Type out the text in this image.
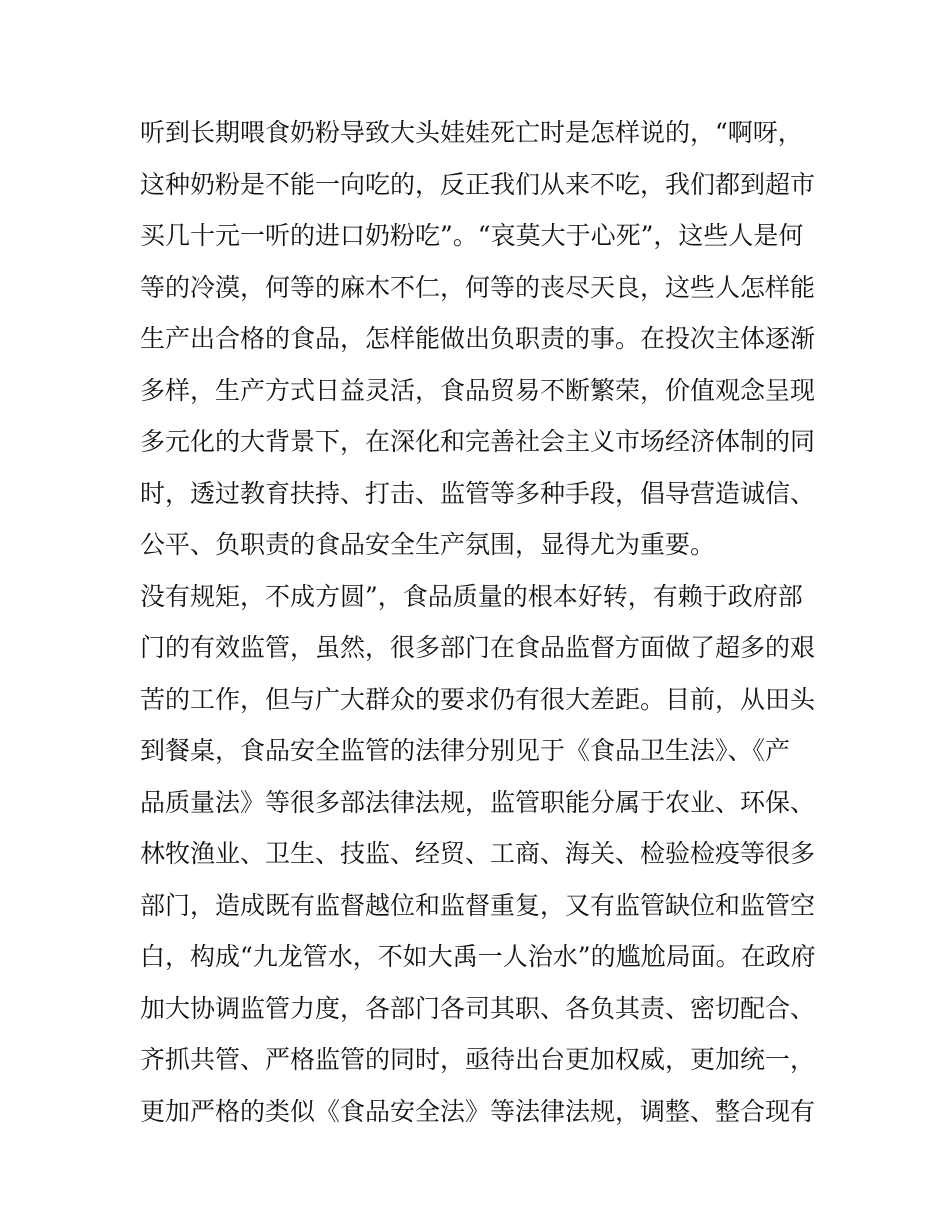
听到长期喂食奶粉导致大头娃娃死亡时是怎样说的，“啊呀，
这种奶粉是不能一向吃的，反正我们从来不吃，我们都到超市
买几十元一听的进口奶粉吃”。“哀莫大于心死”，这些人是何
等的冷漠，何等的麻木不仁，何等的丧尽天良，这些人怎样能
生产出合格的食品，怎样能做出负职责的事。在投次主体逐渐
多样，生产方式日益灵活，食品贸易不断繁荣，价值观念呈现
多元化的大背景下，在深化和完善社会主义市场经济体制的同
时，透过教育扶持、打击、监管等多种手段，倡导营造诚信、
公平、负职责的食品安全生产氛围，显得尤为重要。
没有规矩，不成方圆”，食品质量的根本好转，有赖于政府部
门的有效监管，虽然，很多部门在食品监督方面做了超多的艰
苦的工作，但与广大群众的要求仍有很大差距。目前，从田头
到餐桌，食品安全监管的法律分别见于《食品卫生法》、《产
品质量法》等很多部法律法规，监管职能分属于农业、环保、
林牧渔业、卫生、技监、经贸、工商、海关、检验检疫等很多
部门，造成既有监督越位和监督重复，又有监管缺位和监管空
白，构成“九龙管水，不如大禹一人治水”的尴尬局面。在政府
加大协调监管力度，各部门各司其职、各负其责、密切配合、
齐抓共管、严格监管的同时，亟待出台更加权威，更加统一，
更加严格的类似《食品安全法》等法律法规，调整、整合现有
